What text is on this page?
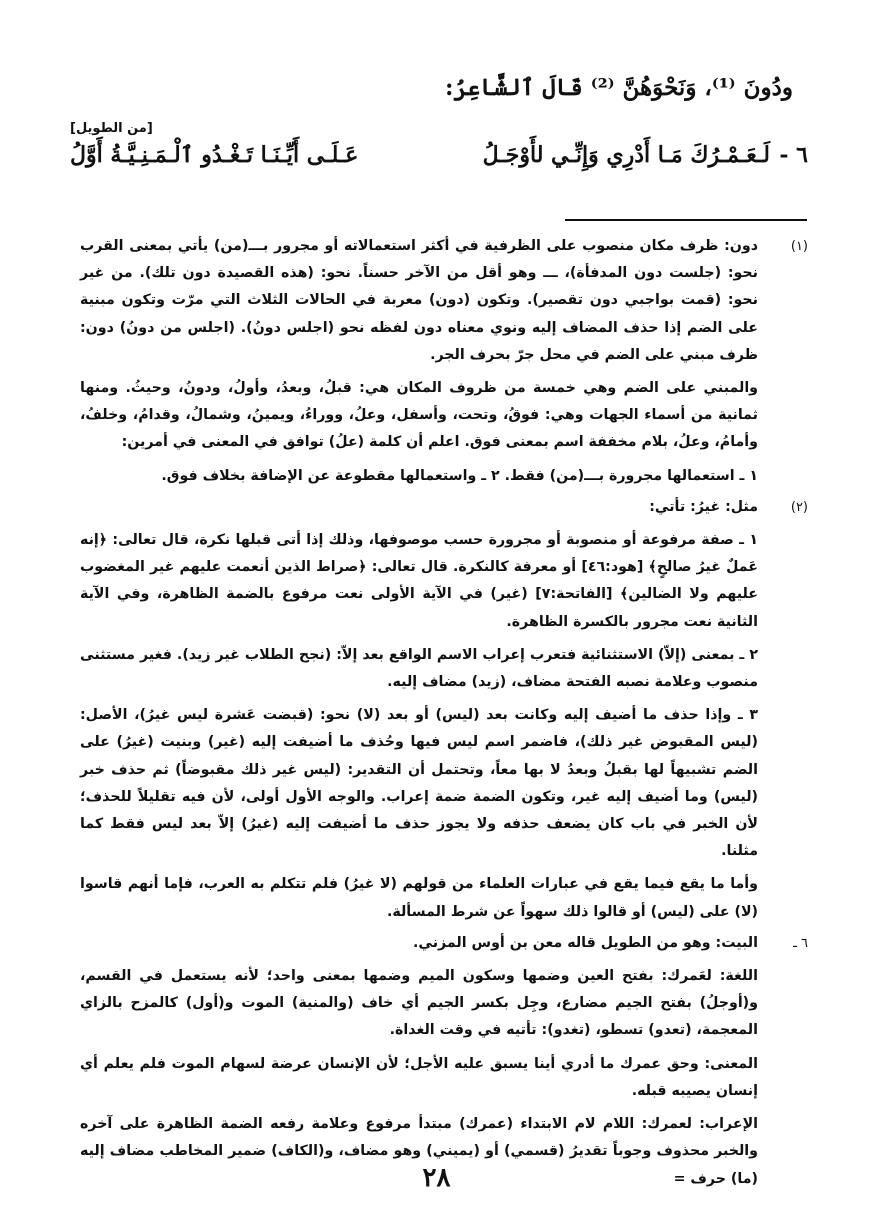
ودُونَ ⁽¹⁾، وَنَحْوَهُنَّ ⁽²⁾ قَالَ ٱلشَّاعِرُ:
[من الطويل]
٦ -
لَـعَـمْـرُكَ مَـا أَدْرِي وَإِنِّـي لأَوْجَـلُ
عَـلَـى أَيِّـنَـا تَـغْـدُو ٱلْـمَـنِـيَّـةُ أَوَّلُ
(١)

دون: ظرف مكان منصوب على الظرفية في أكثر استعمالاته أو مجرور بـــ(من) يأتي بمعنى القرب نحو: (جلست دون المدفأة)، ـــ وهو أقل من الآخر حسناً. نحو: (هذه القصيدة دون تلك). من غير نحو: (قمت بواجبي دون تقصير). وتكون (دون) معربة في الحالات الثلاث التي مرّت وتكون مبنية على الضم إذا حذف المضاف إليه ونوي معناه دون لفظه نحو (اجلس دونُ). (اجلس من دونُ) دون: ظرف مبني على الضم في محل جرّ بحرف الجر.

والمبني على الضم وهي خمسة من ظروف المكان هي: قبلُ، وبعدُ، وأولُ، ودونُ، وحيثُ. ومنها ثمانية من أسماء الجهات وهي: فوقُ، وتحت، وأسفل، وعلُ، ووراءُ، ويمينُ، وشمالُ، وقدامُ، وخلفُ، وأمامُ، وعلُ، بلام مخففة اسم بمعنى فوق. اعلم أن كلمة (علُ) توافق في المعنى في أمرين:

١ ـ استعمالها مجرورة بـــ(من) فقط. ٢ ـ واستعمالها مقطوعة عن الإضافة بخلاف فوق.

(٢)

مثل: غيرُ: تأتي:

١ ـ صفة مرفوعة أو منصوبة أو مجرورة حسب موصوفها، وذلك إذا أتى قبلها نكرة، قال تعالى: ﴿إنه عَملٌ غيرُ صالحٍ﴾ [هود:٤٦] أو معرفة كالنكرة. قال تعالى: ﴿صراط الذين أنعمت عليهم غير المغضوب عليهم ولا الضالين﴾ [الفاتحة:٧] (غير) في الآية الأولى نعت مرفوع بالضمة الظاهرة، وفي الآية الثانية نعت مجرور بالكسرة الظاهرة.

٢ ـ بمعنى (إلاّ) الاستثنائية فتعرب إعراب الاسم الواقع بعد إلاّ: (نجح الطلاب غير زيد). فغير مستثنى منصوب وعلامة نصبه الفتحة مضاف، (زيد) مضاف إليه.

٣ ـ وإذا حذف ما أضيف إليه وكانت بعد (ليس) أو بعد (لا) نحو: (قبضت عَشرة ليس غيرُ)، الأصل: (ليس المقبوض غير ذلك)، فاضمر اسم ليس فيها وحُذف ما أضيفت إليه (غير) وبنيت (غيرُ) على الضم تشبيهاً لها بقبلُ وبعدُ لا بها معاً، وتحتمل أن التقدير: (ليس غير ذلك مقبوضاً) ثم حذف خبر (ليس) وما أضيف إليه غير، وتكون الضمة ضمة إعراب. والوجه الأول أولى، لأن فيه تقليلاً للحذف؛ لأن الخبر في باب كان يضعف حذفه ولا يجوز حذف ما أضيفت إليه (غيرُ) إلاّ بعد ليس فقط كما مثلنا.

وأما ما يقع فيما يقع في عبارات العلماء من قولهم (لا غيرُ) فلم تتكلم به العرب، فإما أنهم قاسوا (لا) على (ليس) أو قالوا ذلك سهواً عن شرط المسألة.

٦ ـ

البيت: وهو من الطويل قاله معن بن أوس المزني.

اللغة: لعَمرك: بفتح العين وضمها وسكون الميم وضمها بمعنى واحد؛ لأنه يستعمل في القسم، و(أوجلُ) بفتح الجيم مضارع، وجِل بكسر الجيم أي خاف (والمنية) الموت و(أول) كالمزح بالزاي المعجمة، (تعدو) تسطو، (تغدو): تأتيه في وقت الغداة.

المعنى: وحق عمرك ما أدري أينا يسبق عليه الأجل؛ لأن الإنسان عرضة لسهام الموت فلم يعلم أي إنسان يصيبه قبله.

الإعراب: لعمرك: اللام لام الابتداء (عمرك) مبتدأ مرفوع وعلامة رفعه الضمة الظاهرة على آخره والخبر محذوف وجوباً تقديرُ (قسمي) أو (يميني) وهو مضاف، و(الكاف) ضمير المخاطب مضاف إليه (ما) حرف =

٢٨
